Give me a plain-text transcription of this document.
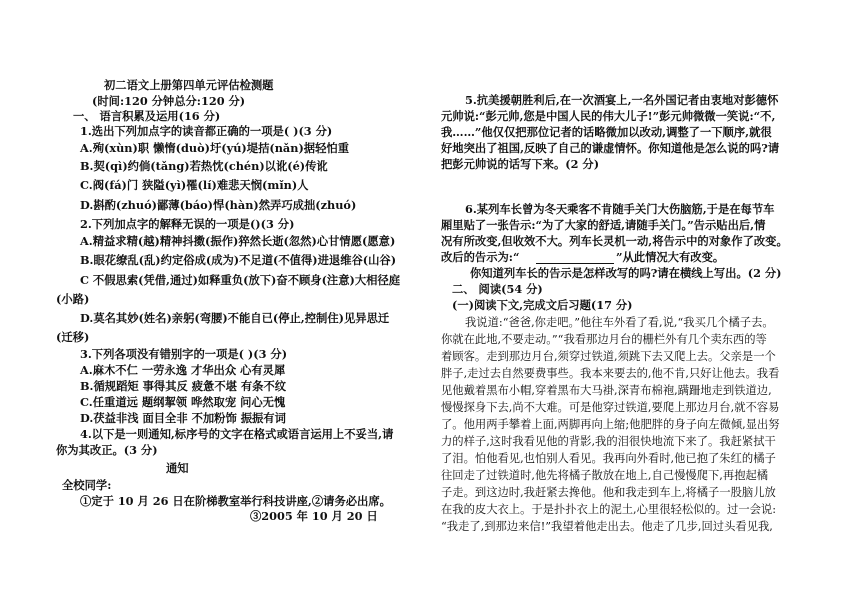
初二语文上册第四单元评估检测题
(时间:120 分钟总分:120 分)
一、 语言积累及运用(16 分)
1.选出下列加点字的读音都正确的一项是( )(3 分)
A.殉(xùn)职 懒惰(duò)圩(yú)堤拮(nǎn)据轻怕重
B.契(qì)约倘(tǎng)若热忱(chén)以讹(é)传讹
C.阀(fá)门 狭隘(yì)罹(lí)难悲天悯(mǐn)人
D.斟酌(zhuó)鄙薄(báo)悍(hàn)然弄巧成拙(zhuó)
2.下列加点字的解释无误的一项是()(3 分)
A.精益求精(越)精神抖擞(振作)猝然长逝(忽然)心甘情愿(愿意)
B.眼花缭乱(乱)约定俗成(成为)不足道(不值得)进退维谷(山谷)
C 不假思索(凭借,通过)如释重负(放下)奋不顾身(注意)大相径庭
(小路)
D.莫名其妙(姓名)亲躬(弯腰)不能自已(停止,控制住)见异思迁
(迁移)
3.下列各项没有错别字的一项是( )(3 分)
A.麻木不仁 一劳永逸 才华出众 心有灵犀
B.循规蹈矩 事得其反 疲惫不堪 有条不纹
C.任重道远 题纲挈领 哗然取宠 问心无愧
D.茯益非浅 面目全非 不加粉饰 振振有词
4.以下是一则通知,标序号的文字在格式或语言运用上不妥当,请
你为其改正。(3 分)
通知
全校同学:
①定于 10 月 26 日在阶梯教室举行科技讲座,②请务必出席。
③2005 年 10 月 20 日
5.抗美援朝胜利后,在一次酒宴上,一名外国记者由衷地对彭德怀
元帅说:“彭元帅,您是中国人民的伟大儿子!”彭元帅微微一笑说:“不,
我……”他仅仅把那位记者的话略微加以改动,调整了一下顺序,就很
好地突出了祖国,反映了自己的谦虚情怀。你知道他是怎么说的吗?请
把彭元帅说的话写下来。(2 分)
6.某列车长曾为冬天乘客不肯随手关门大伤脑筋,于是在每节车
厢里贴了一张告示:“为了大家的舒适,请随手关门。”告示贴出后,情
况有所改变,但收效不大。列车长灵机一动,将告示中的对象作了改变。
改后的告示为:“	”从此情况大有改变。
你知道列车长的告示是怎样改写的吗?请在横线上写出。(2 分)
二、 阅读(54 分)
(一)阅读下文,完成文后习题(17 分)
我说道:“爸爸,你走吧。”他往车外看了看,说,“我买几个橘子去。
你就在此地,不要走动。”“我看那边月台的栅栏外有几个卖东西的等
着顾客。走到那边月台,须穿过铁道,须跳下去又爬上去。父亲是一个
胖子,走过去自然要费事些。我本来要去的,他不肯,只好让他去。我看
见他戴着黑布小帽,穿着黑布大马褂,深青布棉袍,蹒跚地走到铁道边,
慢慢探身下去,尚不大难。可是他穿过铁道,要爬上那边月台,就不容易
了。他用两手攀着上面,两脚再向上缩;他肥胖的身子向左微倾,显出努
力的样子,这时我看见他的背影,我的泪很快地流下来了。我赶紧拭干
了泪。怕他看见,也怕别人看见。我再向外看时,他已抱了朱红的橘子
往回走了过铁道时,他先将橘子散放在地上,自己慢慢爬下,再抱起橘
子走。到这边时,我赶紧去搀他。他和我走到车上,将橘子一股脑儿放
在我的皮大衣上。于是扑扑衣上的泥土,心里很轻松似的。过一会说:
“我走了,到那边来信!”我望着他走出去。他走了几步,回过头看见我,
